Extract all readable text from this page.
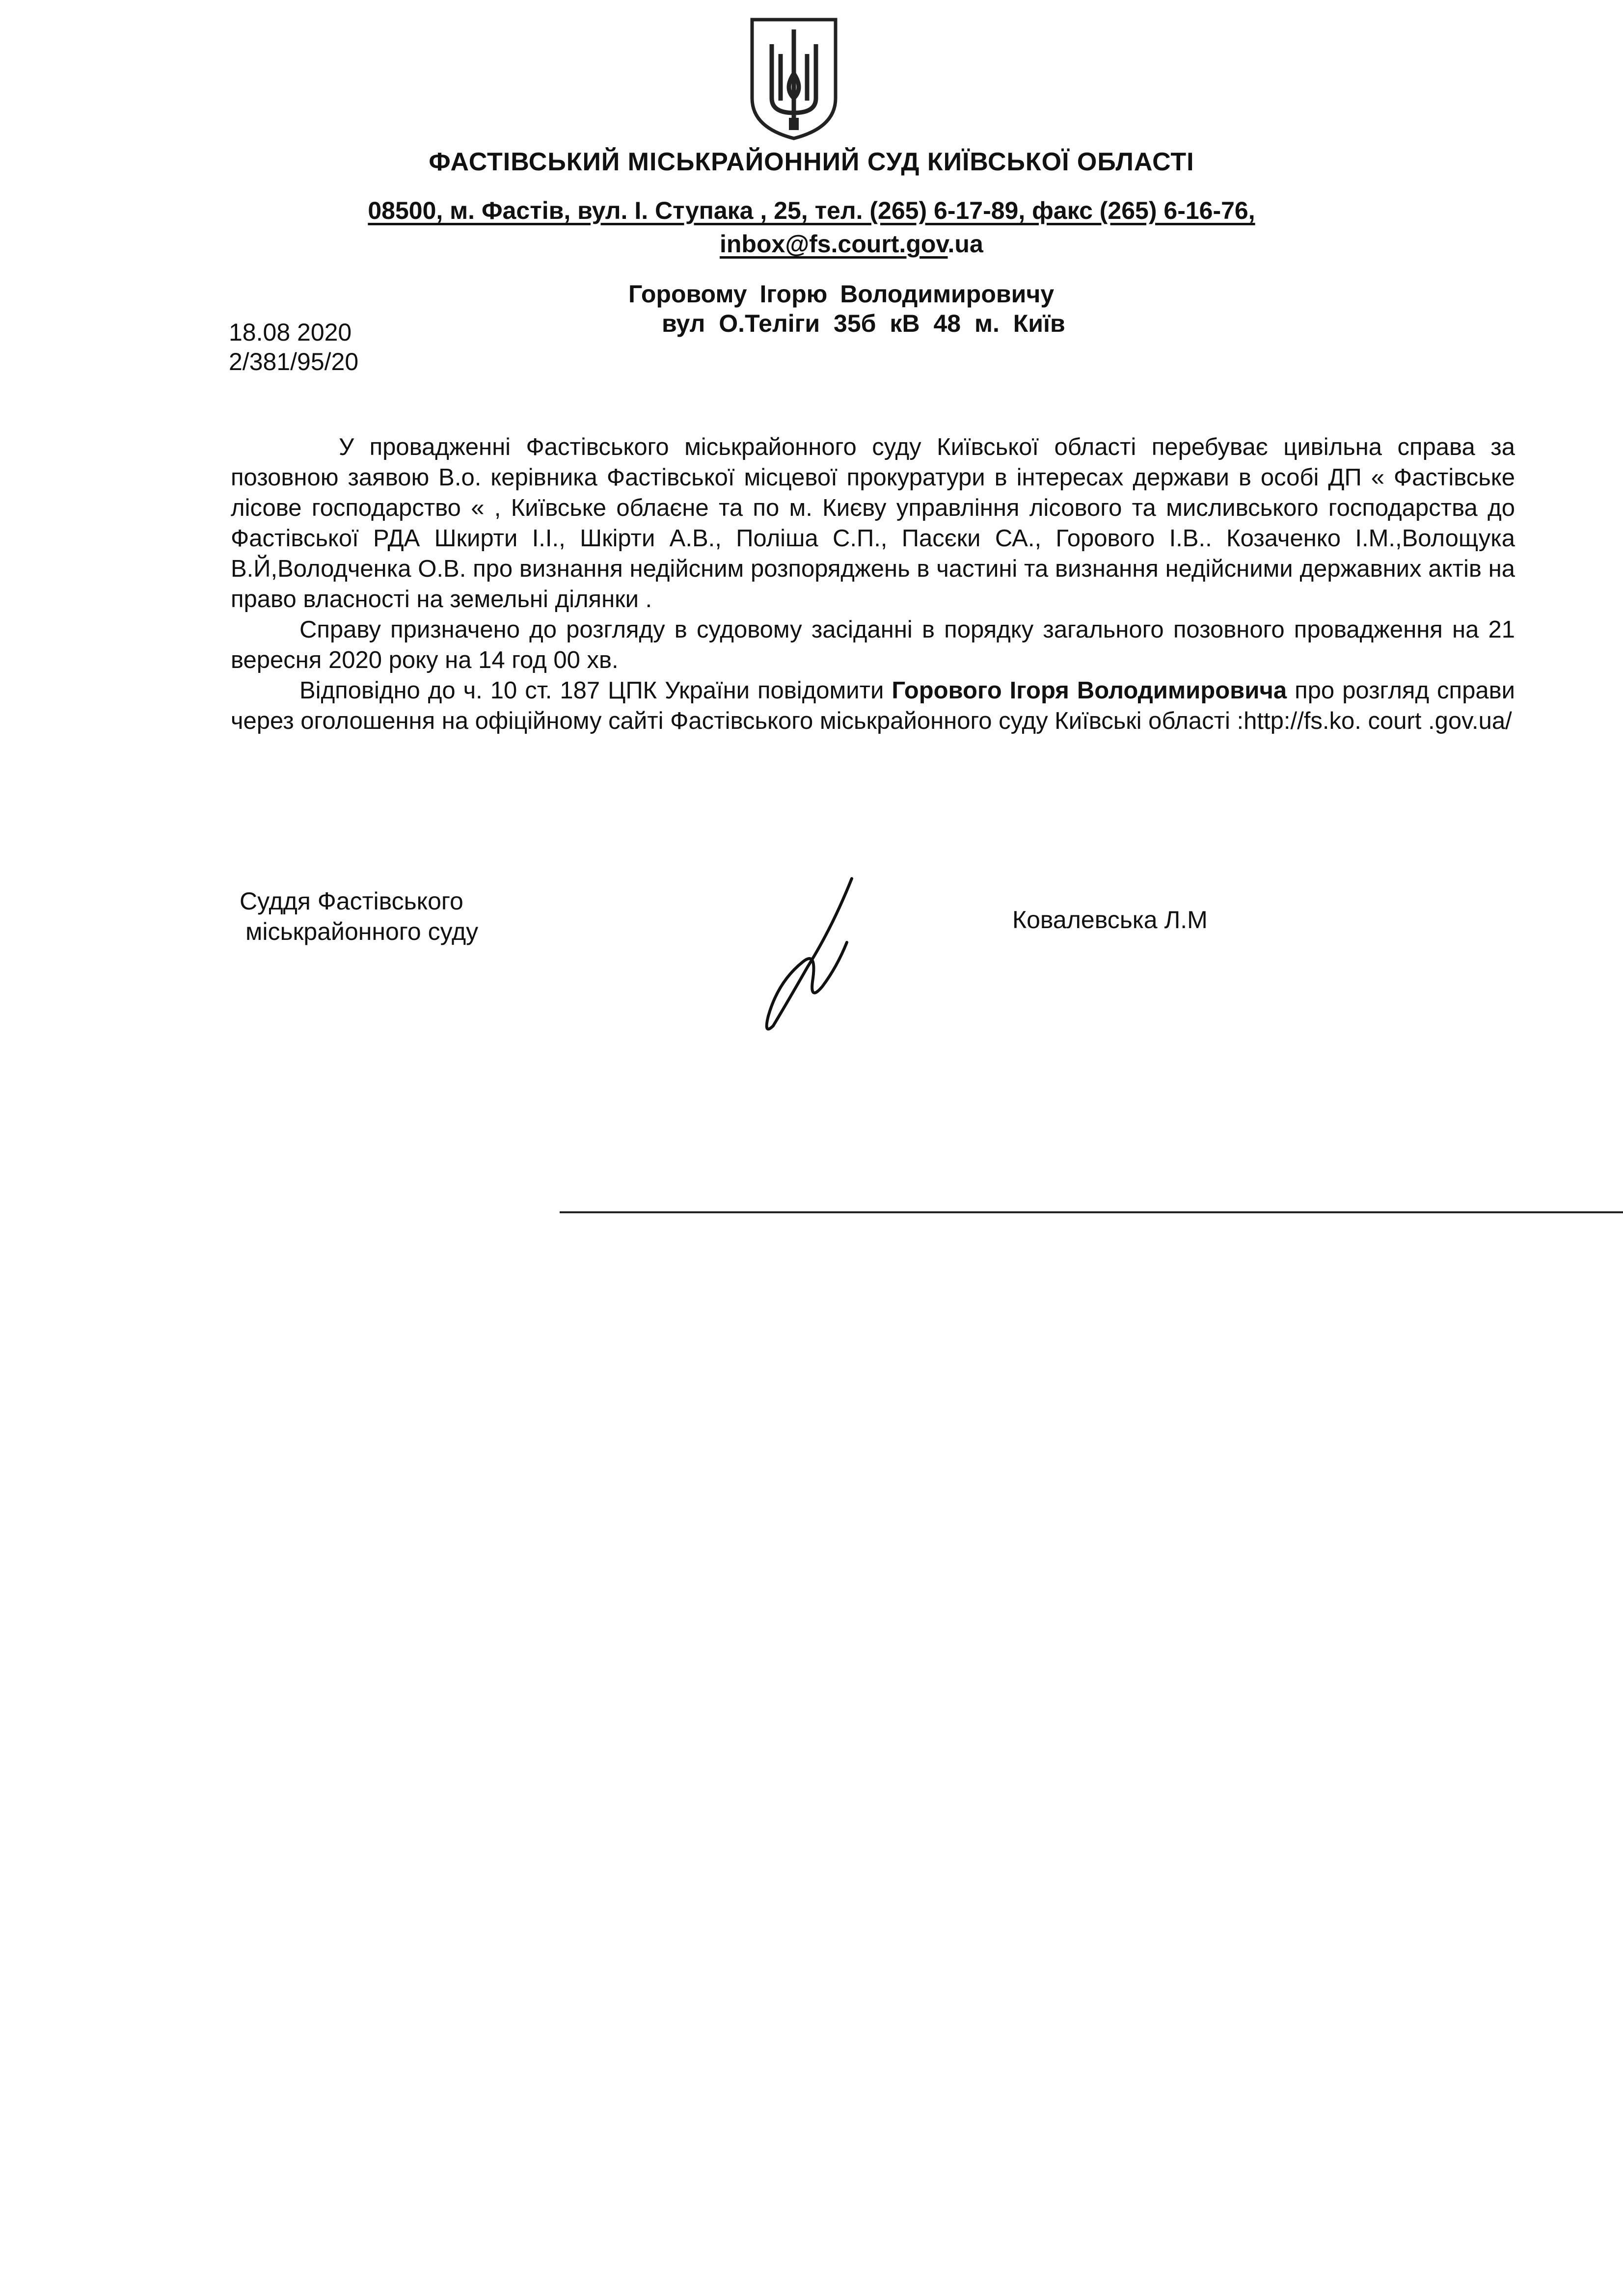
ФАСТІВСЬКИЙ МІСЬКРАЙОННИЙ СУД КИЇВСЬКОЇ ОБЛАСТІ
08500, м. Фастів, вул. І. Ступака , 25, тел. (265) 6-17-89, факс (265) 6-16-76,
inbox@fs.court.gov.ua
Горовому Ігорю Володимировичу
вул О.Теліги 35б кВ 48 м. Київ
18.08 2020
2/381/95/20

У провадженні Фастівського міськрайонного суду Київської області перебуває цивільна справа за позовною заявою В.о. керівника Фастівської місцевої прокуратури в інтересах держави в особі ДП « Фастівське лісове господарство « , Київське облаєне та по м. Києву управління лісового та мисливського господарства до Фастівської РДА Шкирти І.І., Шкірти А.В., Поліша С.П., Пасєки СА., Горового І.В.. Козаченко І.М.,Волощука В.Й,Володченка О.В. про визнання недійсним розпоряджень в частині та визнання недійсними державних актів на право власності на земельні ділянки .

Справу призначено до розгляду в судовому засіданні в порядку загального позовного провадження на 21 вересня 2020 року на 14 год 00 хв.

Відповідно до ч. 10 ст. 187 ЦПК України повідомити Горового Ігоря Володимировича про розгляд справи через оголошення на офіційному сайті Фастівського міськрайонного суду Київські області :http://fs.ko. court .gov.ua/

Суддя Фастівського
міськрайонного суду	Ковалевська Л.М
